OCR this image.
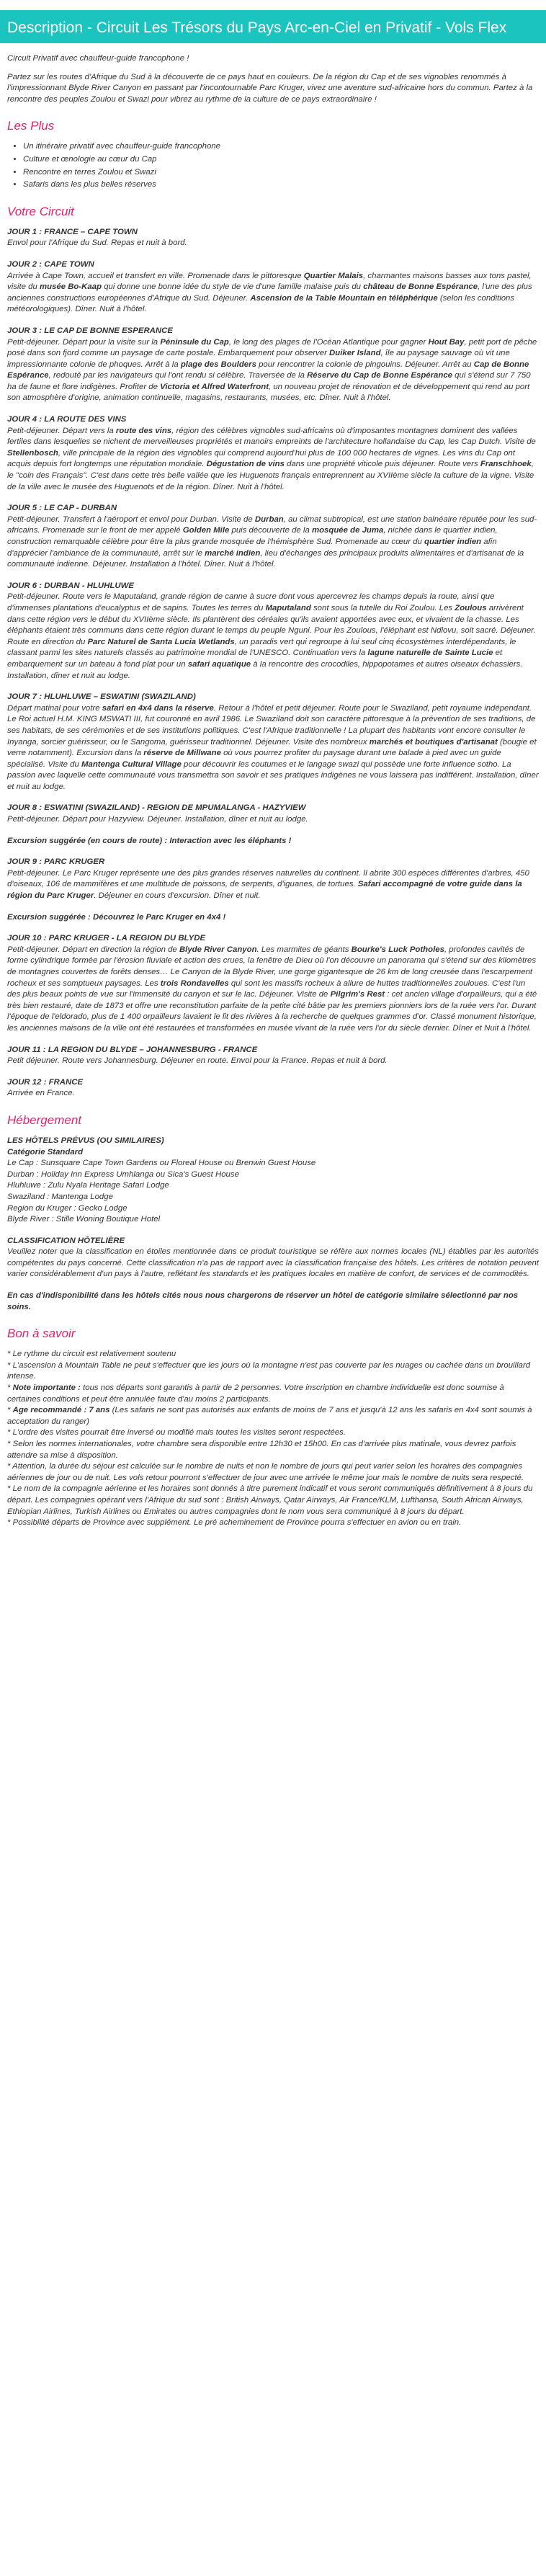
Description - Circuit Les Trésors du Pays Arc-en-Ciel en Privatif - Vols Flex

Circuit Privatif avec chauffeur-guide francophone !

Partez sur les routes d'Afrique du Sud à la découverte de ce pays haut en couleurs. De la région du Cap et de ses vignobles renommés à l'impressionnant Blyde River Canyon en passant par l'incontournable Parc Kruger, vivez une aventure sud-africaine hors du commun. Partez à la rencontre des peuples Zoulou et Swazi pour vibrez au rythme de la culture de ce pays extraordinaire !

Les Plus
• Un itinéraire privatif avec chauffeur-guide francophone
• Culture et œnologie au cœur du Cap
• Rencontre en terres Zoulou et Swazi
• Safaris dans les plus belles réserves
Votre Circuit

JOUR 1 : FRANCE – CAPE TOWN

Envol pour l'Afrique du Sud. Repas et nuit à bord.

JOUR 2 : CAPE TOWN

Arrivée à Cape Town, accueil et transfert en ville. Promenade dans le pittoresque Quartier Malais, charmantes maisons basses aux tons pastel, visite du musée Bo-Kaap qui donne une bonne idée du style de vie d'une famille malaise puis du château de Bonne Espérance, l'une des plus anciennes constructions européennes d'Afrique du Sud. Déjeuner. Ascension de la Table Mountain en téléphérique (selon les conditions météorologiques). Dîner. Nuit à l'hôtel.

JOUR 3 : LE CAP DE BONNE ESPERANCE

Petit-déjeuner. Départ pour la visite sur la Péninsule du Cap, le long des plages de l'Océan Atlantique pour gagner Hout Bay, petit port de pêche posé dans son fjord comme un paysage de carte postale. Embarquement pour observer Duiker Island, île au paysage sauvage où vit une impressionnante colonie de phoques. Arrêt à la plage des Boulders pour rencontrer la colonie de pingouins. Déjeuner. Arrêt au Cap de Bonne Espérance, redouté par les navigateurs qui l'ont rendu si célèbre. Traversée de la Réserve du Cap de Bonne Espérance qui s'étend sur 7 750 ha de faune et flore indigènes. Profiter de Victoria et Alfred Waterfront, un nouveau projet de rénovation et de développement qui rend au port son atmosphère d'origine, animation continuelle, magasins, restaurants, musées, etc. Dîner. Nuit à l'hôtel.

JOUR 4 : LA ROUTE DES VINS

Petit-déjeuner. Départ vers la route des vins, région des célèbres vignobles sud-africains où d'imposantes montagnes dominent des vallées fertiles dans lesquelles se nichent de merveilleuses propriétés et manoirs empreints de l'architecture hollandaise du Cap, les Cap Dutch. Visite de Stellenbosch, ville principale de la région des vignobles qui comprend aujourd'hui plus de 100 000 hectares de vignes. Les vins du Cap ont acquis depuis fort longtemps une réputation mondiale. Dégustation de vins dans une propriété viticole puis déjeuner. Route vers Franschhoek, le "coin des Français". C'est dans cette très belle vallée que les Huguenots français entreprennent au XVIIème siècle la culture de la vigne. Visite de la ville avec le musée des Huguenots et de la région. Dîner. Nuit à l'hôtel.

JOUR 5 : LE CAP - DURBAN

Petit-déjeuner. Transfert à l'aéroport et envol pour Durban. Visite de Durban, au climat subtropical, est une station balnéaire réputée pour les sud-africains. Promenade sur le front de mer appelé Golden Mile puis découverte de la mosquée de Juma, nichée dans le quartier indien, construction remarquable célèbre pour être la plus grande mosquée de l'hémisphère Sud. Promenade au cœur du quartier indien afin d'apprécier l'ambiance de la communauté, arrêt sur le marché indien, lieu d'échanges des principaux produits alimentaires et d'artisanat de la communauté indienne. Déjeuner. Installation à l'hôtel. Dîner. Nuit à l'hôtel.

JOUR 6 : DURBAN - HLUHLUWE

Petit-déjeuner. Route vers le Maputaland, grande région de canne à sucre dont vous apercevrez les champs depuis la route, ainsi que d'immenses plantations d'eucalyptus et de sapins. Toutes les terres du Maputaland sont sous la tutelle du Roi Zoulou. Les Zoulous arrivèrent dans cette région vers le début du XVIIème siècle. Ils plantèrent des céréales qu'ils avaient apportées avec eux, et vivaient de la chasse. Les éléphants étaient très communs dans cette région durant le temps du peuple Nguni. Pour les Zoulous, l'éléphant est Ndlovu, soit sacré. Déjeuner. Route en direction du Parc Naturel de Santa Lucia Wetlands, un paradis vert qui regroupe à lui seul cinq écosystèmes interdépendants, le classant parmi les sites naturels classés au patrimoine mondial de l'UNESCO. Continuation vers la lagune naturelle de Sainte Lucie et embarquement sur un bateau à fond plat pour un safari aquatique à la rencontre des crocodiles, hippopotames et autres oiseaux échassiers. Installation, dîner et nuit au lodge.

JOUR 7 : HLUHLUWE – ESWATINI (SWAZILAND)

Départ matinal pour votre safari en 4x4 dans la réserve. Retour à l'hôtel et petit déjeuner. Route pour le Swaziland, petit royaume indépendant. Le Roi actuel H.M. KING MSWATI III, fut couronné en avril 1986. Le Swaziland doit son caractère pittoresque à la prévention de ses traditions, de ses habitats, de ses cérémonies et de ses institutions politiques. C'est l'Afrique traditionnelle ! La plupart des habitants vont encore consulter le Inyanga, sorcier guérisseur, ou le Sangoma, guérisseur traditionnel. Déjeuner. Visite des nombreux marchés et boutiques d'artisanat (bougie et verre notamment). Excursion dans la réserve de Millwane où vous pourrez profiter du paysage durant une balade à pied avec un guide spécialisé. Visite du Mantenga Cultural Village pour découvrir les coutumes et le langage swazi qui possède une forte influence sotho. La passion avec laquelle cette communauté vous transmettra son savoir et ses pratiques indigènes ne vous laissera pas indifférent. Installation, dîner et nuit au lodge.

JOUR 8 : ESWATINI (SWAZILAND) - REGION DE MPUMALANGA - HAZYVIEW

Petit-déjeuner. Départ pour Hazyview. Déjeuner. Installation, dîner et nuit au lodge.

Excursion suggérée (en cours de route) : Interaction avec les éléphants !

JOUR 9 : PARC KRUGER

Petit-déjeuner. Le Parc Kruger représente une des plus grandes réserves naturelles du continent. Il abrite 300 espèces différentes d'arbres, 450 d'oiseaux, 106 de mammifères et une multitude de poissons, de serpents, d'iguanes, de tortues. Safari accompagné de votre guide dans la région du Parc Kruger. Déjeuner en cours d'excursion. Dîner et nuit.

Excursion suggérée : Découvrez le Parc Kruger en 4x4 !

JOUR 10 : PARC KRUGER - LA REGION DU BLYDE

Petit-déjeuner. Départ en direction la région de Blyde River Canyon. Les marmites de géants Bourke's Luck Potholes, profondes cavités de forme cylindrique formée par l'érosion fluviale et action des crues, la fenêtre de Dieu où l'on découvre un panorama qui s'étend sur des kilomètres de montagnes couvertes de forêts denses… Le Canyon de la Blyde River, une gorge gigantesque de 26 km de long creusée dans l'escarpement rocheux et ses somptueux paysages. Les trois Rondavelles qui sont les massifs rocheux à allure de huttes traditionnelles zouloues. C'est l'un des plus beaux points de vue sur l'immensité du canyon et sur le lac. Déjeuner. Visite de Pilgrim's Rest : cet ancien village d'orpailleurs, qui a été très bien restauré, date de 1873 et offre une reconstitution parfaite de la petite cité bâtie par les premiers pionniers lors de la ruée vers l'or. Durant l'époque de l'eldorado, plus de 1 400 orpailleurs lavaient le lit des rivières à la recherche de quelques grammes d'or. Classé monument historique, les anciennes maisons de la ville ont été restaurées et transformées en musée vivant de la ruée vers l'or du siècle dernier. Dîner et Nuit à l'hôtel.

JOUR 11 : LA REGION DU BLYDE – JOHANNESBURG - FRANCE

Petit déjeuner. Route vers Johannesburg. Déjeuner en route. Envol pour la France. Repas et nuit à bord.

JOUR 12 : FRANCE

Arrivée en France.

Hébergement

LES HÔTELS PRÉVUS (OU SIMILAIRES)

Catégorie Standard

Le Cap : Sunsquare Cape Town Gardens ou Floreal House ou Brenwin Guest House

Durban : Holiday Inn Express Umhlanga ou Sica's Guest House

Hluhluwe : Zulu Nyala Heritage Safari Lodge

Swaziland : Mantenga Lodge

Region du Kruger : Gecko Lodge

Blyde River : Stille Woning Boutique Hotel

CLASSIFICATION HÔTELIÈRE

Veuillez noter que la classification en étoiles mentionnée dans ce produit touristique se réfère aux normes locales (NL) établies par les autorités compétentes du pays concerné. Cette classification n'a pas de rapport avec la classification française des hôtels. Les critères de notation peuvent varier considérablement d'un pays à l'autre, reflétant les standards et les pratiques locales en matière de confort, de services et de commodités.

En cas d'indisponibilité dans les hôtels cités nous nous chargerons de réserver un hôtel de catégorie similaire sélectionné par nos soins.

Bon à savoir
* Le rythme du circuit est relativement soutenu
* L'ascension à Mountain Table ne peut s'effectuer que les jours où la montagne n'est pas couverte par les nuages ou cachée dans un brouillard intense.
* Note importante : tous nos départs sont garantis à partir de 2 personnes. Votre inscription en chambre individuelle est donc soumise à certaines conditions et peut être annulée faute d'au moins 2 participants.
* Age recommandé : 7 ans (Les safaris ne sont pas autorisés aux enfants de moins de 7 ans et jusqu'à 12 ans les safaris en 4x4 sont soumis à acceptation du ranger)
* L'ordre des visites pourrait être inversé ou modifié mais toutes les visites seront respectées.
* Selon les normes internationales, votre chambre sera disponible entre 12h30 et 15h00. En cas d'arrivée plus matinale, vous devrez parfois attendre sa mise à disposition.
* Attention, la durée du séjour est calculée sur le nombre de nuits et non le nombre de jours qui peut varier selon les horaires des compagnies aériennes de jour ou de nuit. Les vols retour pourront s'effectuer de jour avec une arrivée le même jour mais le nombre de nuits sera respecté.
* Le nom de la compagnie aérienne et les horaires sont donnés à titre purement indicatif et vous seront communiqués définitivement à 8 jours du départ. Les compagnies opérant vers l'Afrique du sud sont : British Airways, Qatar Airways, Air France/KLM, Lufthansa, South African Airways, Ethiopian Airlines, Turkish Airlines ou Emirates ou autres compagnies dont le nom vous sera communiqué à 8 jours du départ.
* Possibilité départs de Province avec supplément. Le pré acheminement de Province pourra s'effectuer en avion ou en train.
